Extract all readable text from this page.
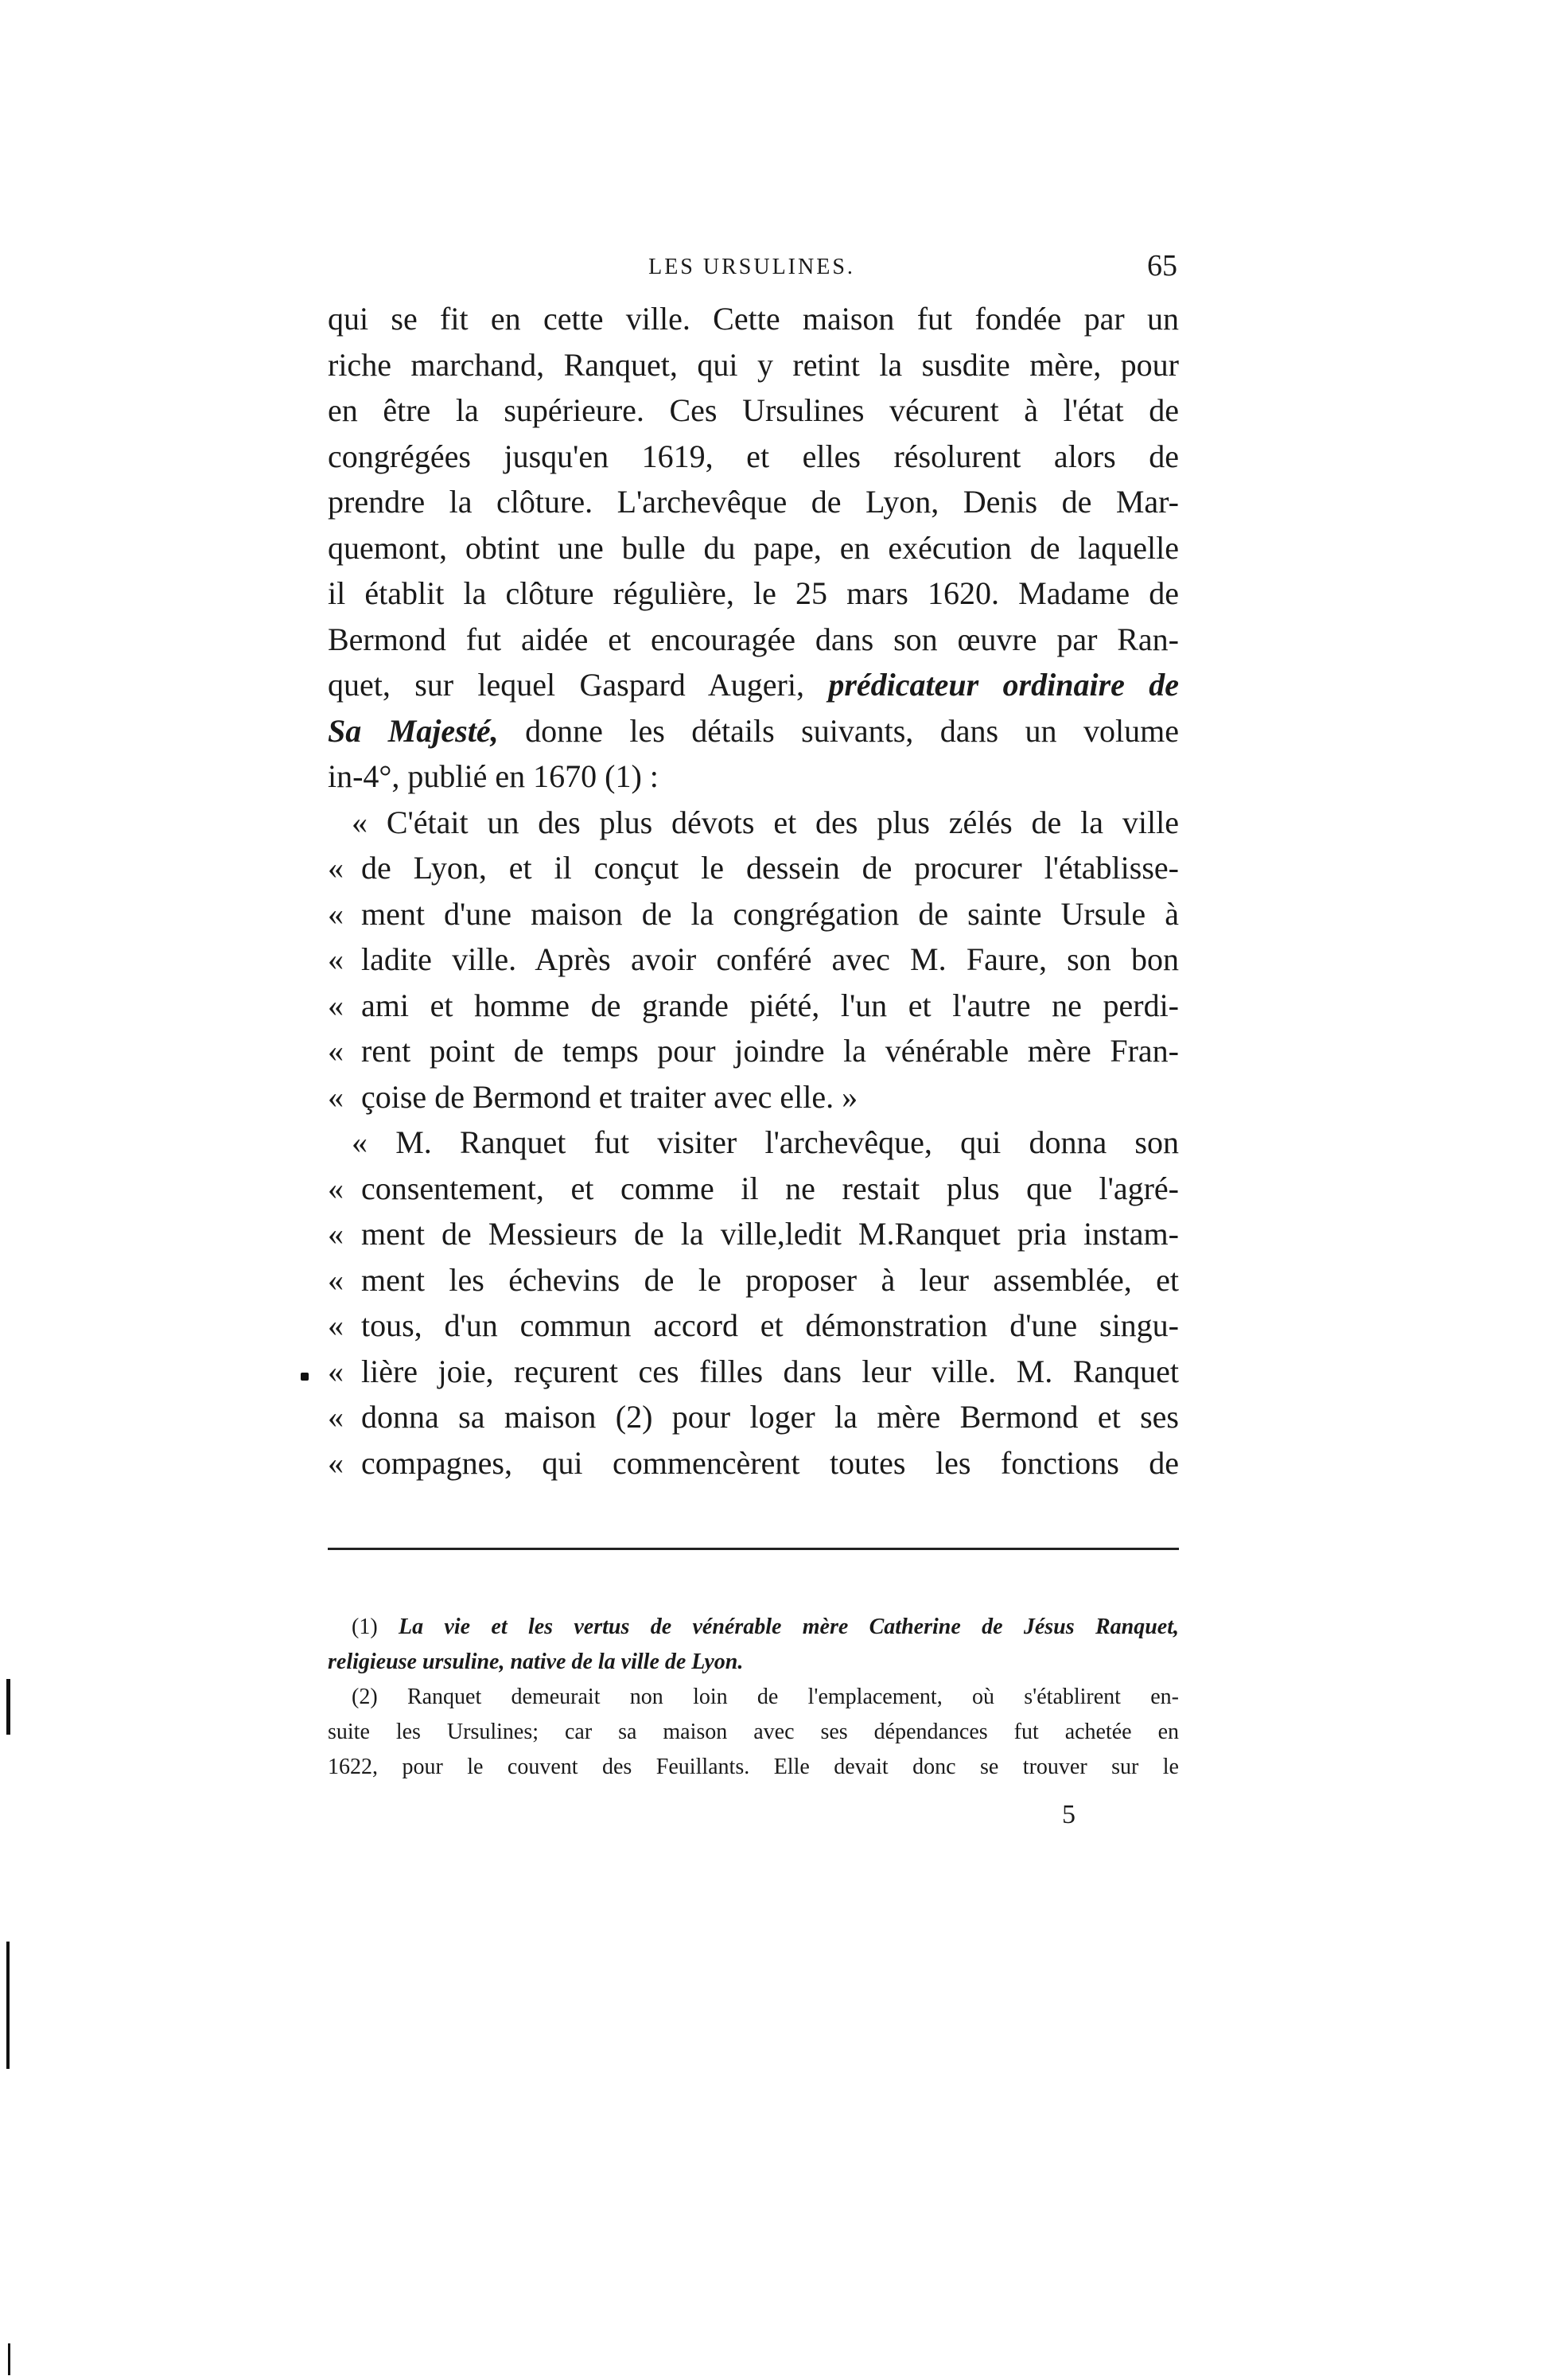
LES URSULINES.	65
qui se fit en cette ville. Cette maison fut fondée par un
riche marchand, Ranquet, qui y retint la susdite mère, pour
en être la supérieure. Ces Ursulines vécurent à l'état de
congrégées jusqu'en 1619, et elles résolurent alors de
prendre la clôture. L'archevêque de Lyon, Denis de Mar-
quemont, obtint une bulle du pape, en exécution de laquelle
il établit la clôture régulière, le 25 mars 1620. Madame de
Bermond fut aidée et encouragée dans son œuvre par Ran-
quet, sur lequel Gaspard Augeri, prédicateur ordinaire de
Sa Majesté, donne les détails suivants, dans un volume
in-4°, publié en 1670 (1) :
« C'était un des plus dévots et des plus zélés de la ville
« de Lyon, et il conçut le dessein de procurer l'établisse-
« ment d'une maison de la congrégation de sainte Ursule à
« ladite ville. Après avoir conféré avec M. Faure, son bon
« ami et homme de grande piété, l'un et l'autre ne perdi-
« rent point de temps pour joindre la vénérable mère Fran-
« çoise de Bermond et traiter avec elle. »
« M. Ranquet fut visiter l'archevêque, qui donna son
« consentement, et comme il ne restait plus que l'agré-
« ment de Messieurs de la ville,ledit M.Ranquet pria instam-
« ment les échevins de le proposer à leur assemblée, et
« tous, d'un commun accord et démonstration d'une singu-
« lière joie, reçurent ces filles dans leur ville. M. Ranquet
« donna sa maison (2) pour loger la mère Bermond et ses
« compagnes, qui commencèrent toutes les fonctions de
(1) La vie et les vertus de vénérable mère Catherine de Jésus Ranquet,
religieuse ursuline, native de la ville de Lyon.
(2) Ranquet demeurait non loin de l'emplacement, où s'établirent en-
suite les Ursulines; car sa maison avec ses dépendances fut achetée en
1622, pour le couvent des Feuillants. Elle devait donc se trouver sur le
5
